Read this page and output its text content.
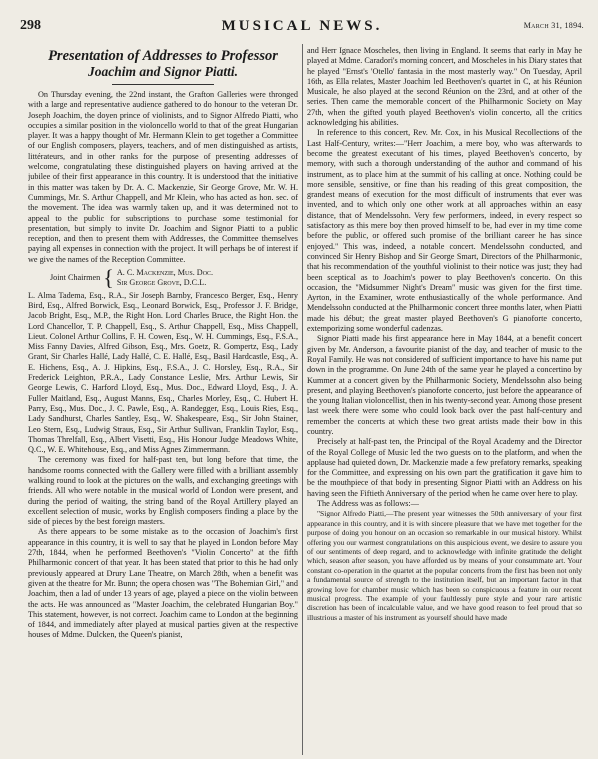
298	MUSICAL NEWS.	March 31, 1894.
Presentation of Addresses to Professor
Joachim and Signor Piatti.

On Thursday evening, the 22nd instant, the Grafton Galleries were thronged with a large and representative audience gathered to do honour to the veteran Dr. Joseph Joachim, the doyen prince of violinists, and to Signor Alfredo Piatti, who occupies a similar position in the violoncello world to that of the great Hungarian player. It was a happy thought of Mr. Hermann Klein to get together a Committee of our English composers, players, teachers, and of men distinguished as artists, littérateurs, and in other ranks for the purpose of presenting addresses of welcome, congratulating these distinguished players on having arrived at the jubilee of their first appearance in this country. It is understood that the initiative in this matter was taken by Dr. A. C. Mackenzie, Sir George Grove, Mr. W. H. Cummings, Mr. S. Arthur Chappell, and Mr Klein, who has acted as hon. sec. of the movement. The idea was warmly taken up, and it was determined not to appeal to the public for subscriptions to purchase some testimonial for presentation, but simply to invite Dr. Joachim and Signor Piatti to a public reception, and then to present them with Addresses, the Committee themselves paying all expenses in connection with the project. It will perhaps be of interest if we give the names of the Reception Committee.

Joint Chairmen { A. C. Mackenzie, Mus. Doc.
Sir George Grove, D.C.L.

L. Alma Tadema, Esq., R.A., Sir Joseph Barnby, Francesco Berger, Esq., Henry Bird, Esq., Alfred Borwick, Esq., Leonard Borwick, Esq., Professor J. F. Bridge, Jacob Bright, Esq., M.P., the Right Hon. Lord Charles Bruce, the Right Hon. the Lord Chancellor, T. P. Chappell, Esq., S. Arthur Chappell, Esq., Miss Chappell, Lieut. Colonel Arthur Collins, F. H. Cowen, Esq., W. H. Cummings, Esq., F.S.A., Miss Fanny Davies, Alfred Gibson, Esq., Mrs. Goetz, R. Gompertz, Esq., Lady Grant, Sir Charles Hallé, Lady Hallé, C. E. Hallé, Esq., Basil Hardcastle, Esq., A. E. Hichens, Esq., A. J. Hipkins, Esq., F.S.A., J. C. Horsley, Esq., R.A., Sir Frederick Leighton, P.R.A., Lady Constance Leslie, Mrs. Arthur Lewis, Sir George Lewis, C. Harford Lloyd, Esq., Mus. Doc., Edward Lloyd, Esq., J. A. Fuller Maitland, Esq., August Manns, Esq., Charles Morley, Esq., C. Hubert H. Parry, Esq., Mus. Doc., J. C. Pawle, Esq., A. Randegger, Esq., Louis Ries, Esq., Lady Sandhurst, Charles Santley, Esq., W. Shakespeare, Esq., Sir John Stainer, Leo Stern, Esq., Ludwig Straus, Esq., Sir Arthur Sullivan, Franklin Taylor, Esq., Thomas Threlfall, Esq., Albert Visetti, Esq., His Honour Judge Meadows White, Q.C., W. E. Whitehouse, Esq., and Miss Agnes Zimmermann.

The ceremony was fixed for half-past ten, but long before that time, the handsome rooms connected with the Gallery were filled with a brilliant assembly walking round to look at the pictures on the walls, and exchanging greetings with friends. All who were notable in the musical world of London were present, and during the period of waiting, the string band of the Royal Artillery played an excellent selection of music, works by English composers finding a place by the side of pieces by the best foreign masters.

As there appears to be some mistake as to the occasion of Joachim's first appearance in this country, it is well to say that he played in London before May 27th, 1844, when he performed Beethoven's "Violin Concerto" at the fifth Philharmonic concert of that year. It has been stated that prior to this he had only previously appeared at Drury Lane Theatre, on March 28th, when a benefit was given at the theatre for Mr. Bunn; the opera chosen was "The Bohemian Girl," and Joachim, then a lad of under 13 years of age, played a piece on the violin between the acts. He was announced as "Master Joachim, the celebrated Hungarian Boy." This statement, however, is not correct. Joachim came to London at the beginning of 1844, and immediately after played at musical parties given at the respective houses of Mdme. Dulcken, the Queen's pianist,

and Herr Ignace Moscheles, then living in England. It seems that early in May he played at Mdme. Caradori's morning concert, and Moscheles in his Diary states that he played "Ernst's 'Otello' fantasia in the most masterly way." On Tuesday, April 16th, as Ella relates, Master Joachim led Beethoven's quartet in C, at his Réunion Musicale, he also played at the second Réunion on the 23rd, and at other of the series. Then came the memorable concert of the Philharmonic Society on May 27th, when the gifted youth played Beethoven's violin concerto, all the critics acknowledging his abilities.

In reference to this concert, Rev. Mr. Cox, in his Musical Recollections of the Last Half-Century, writes:—"Herr Joachim, a mere boy, who was afterwards to become the greatest executant of his times, played Beethoven's concerto, by memory, with such a thorough understanding of the author and command of his instrument, as to place him at the summit of his calling at once. Nothing could be more sensible, sensitive, or fine than his reading of this great composition, the grandest means of execution for the most difficult of instruments that ever was invented, and to which only one other work at all approaches within an easy distance, that of Mendelssohn. Very few performers, indeed, in every respect so satisfactory as this mere boy then proved himself to be, had ever in my time come before the public, or offered such promise of the brilliant career he has since enjoyed." This was, indeed, a notable concert. Mendelssohn conducted, and convinced Sir Henry Bishop and Sir George Smart, Directors of the Philharmonic, that his recommendation of the youthful violinist to their notice was just; they had been sceptical as to Joachim's power to play Beethoven's concerto. On this occasion, the "Midsummer Night's Dream" music was given for the first time. Ayrton, in the Examiner, wrote enthusiastically of the whole performance. And Mendelssohn conducted at the Philharmonic concert three months later, when Piatti made his début; the great master played Beethoven's G pianoforte concerto, extemporizing some wonderful cadenzas.

Signor Piatti made his first appearance here in May 1844, at a benefit concert given by Mr. Anderson, a favourite pianist of the day, and teacher of music to the Royal Family. He was not considered of sufficient importance to have his name put down in the programme. On June 24th of the same year he played a concertino by Kummer at a concert given by the Philharmonic Society, Mendelssohn also being present, and playing Beethoven's pianoforte concerto, just before the appearance of the young Italian violoncellist, then in his twenty-second year. Among those present last week there were some who could look back over the past half-century and remember the concerts at which these two great artists made their bow in this country.

Precisely at half-past ten, the Principal of the Royal Academy and the Director of the Royal College of Music led the two guests on to the platform, and when the applause had quieted down, Dr. Mackenzie made a few prefatory remarks, speaking for the Committee, and expressing on his own part the gratification it gave him to be the mouthpiece of that body in presenting Signor Piatti with an Address on his having seen the Fiftieth Anniversary of the period when he came over here to play.

The Address was as follows:—

"Signor Alfredo Piatti,—The present year witnesses the 50th anniversary of your first appearance in this country, and it is with sincere pleasure that we have met together for the purpose of doing you honour on an occasion so remarkable in our musical history. Whilst offering you our warmest congratulations on this auspicious event, we desire to assure you of our sentiments of deep regard, and to acknowledge with infinite gratitude the delight which, season after season, you have afforded us by means of your consummate art. Your constant co-operation in the quartet at the popular concerts from the first has been not only a fundamental source of strength to the institution itself, but an important factor in that growing love for chamber music which has been so conspicuous a feature in our recent musical progress. The example of your faultlessly pure style and your rare artistic discretion has been of incalculable value, and we have good reason to feel proud that so illustrious a master of his instrument as yourself should have made
